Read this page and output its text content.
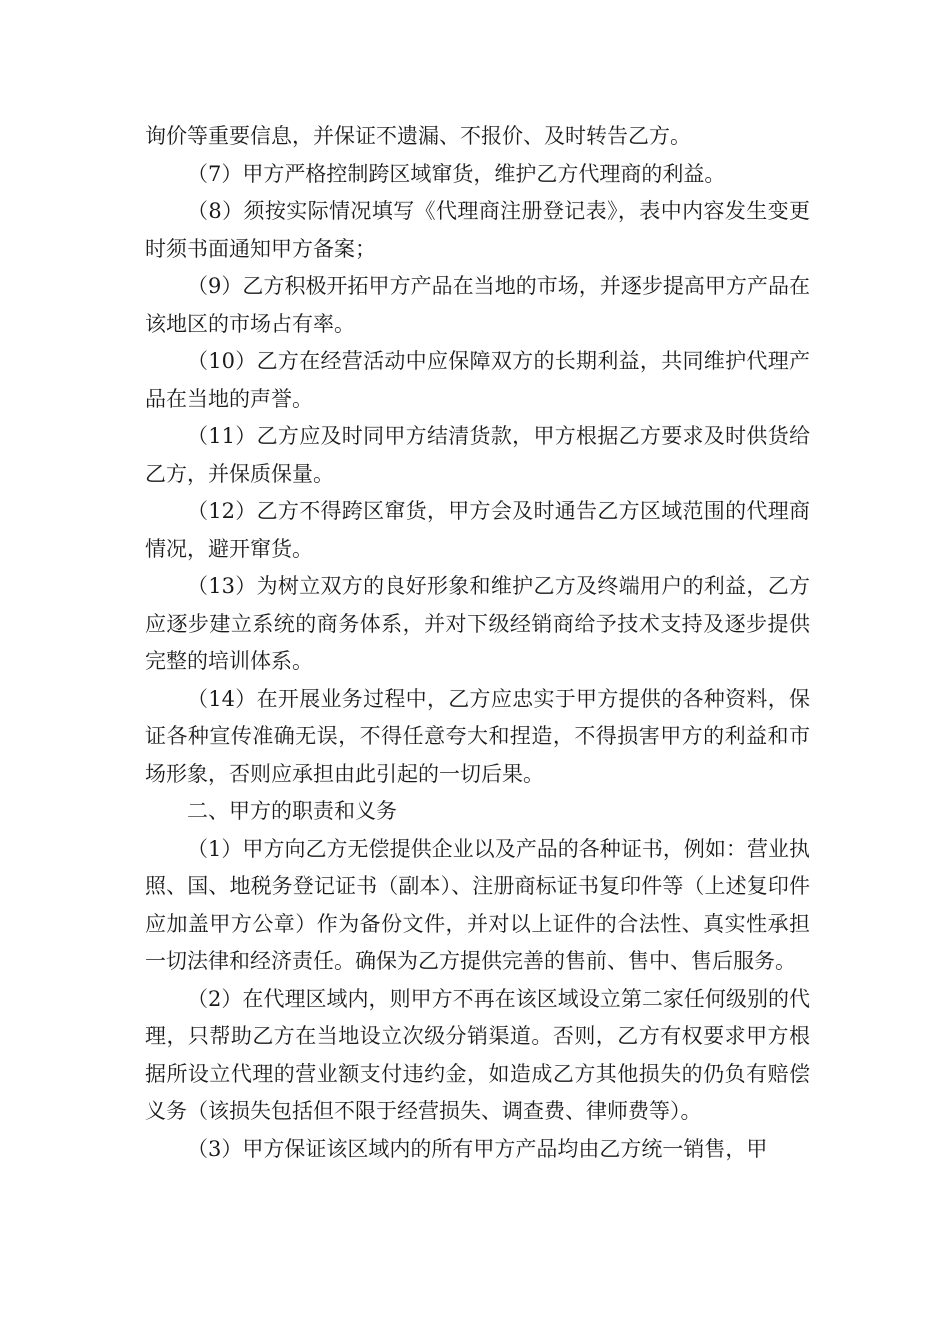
询价等重要信息，并保证不遗漏、不报价、及时转告乙方。

（7）甲方严格控制跨区域窜货，维护乙方代理商的利益。

（8）须按实际情况填写《代理商注册登记表》，表中内容发生变更时须书面通知甲方备案；

（9）乙方积极开拓甲方产品在当地的市场，并逐步提高甲方产品在该地区的市场占有率。

（10）乙方在经营活动中应保障双方的长期利益，共同维护代理产品在当地的声誉。

（11）乙方应及时同甲方结清货款，甲方根据乙方要求及时供货给乙方，并保质保量。

（12）乙方不得跨区窜货，甲方会及时通告乙方区域范围的代理商情况，避开窜货。

（13）为树立双方的良好形象和维护乙方及终端用户的利益，乙方应逐步建立系统的商务体系，并对下级经销商给予技术支持及逐步提供完整的培训体系。

（14）在开展业务过程中，乙方应忠实于甲方提供的各种资料，保证各种宣传准确无误，不得任意夸大和捏造，不得损害甲方的利益和市场形象，否则应承担由此引起的一切后果。

二、甲方的职责和义务

（1）甲方向乙方无偿提供企业以及产品的各种证书，例如：营业执照、国、地税务登记证书（副本）、注册商标证书复印件等（上述复印件应加盖甲方公章）作为备份文件，并对以上证件的合法性、真实性承担一切法律和经济责任。确保为乙方提供完善的售前、售中、售后服务。

（2）在代理区域内，则甲方不再在该区域设立第二家任何级别的代理，只帮助乙方在当地设立次级分销渠道。否则，乙方有权要求甲方根据所设立代理的营业额支付违约金，如造成乙方其他损失的仍负有赔偿义务（该损失包括但不限于经营损失、调查费、律师费等）。

（3）甲方保证该区域内的所有甲方产品均由乙方统一销售，甲
